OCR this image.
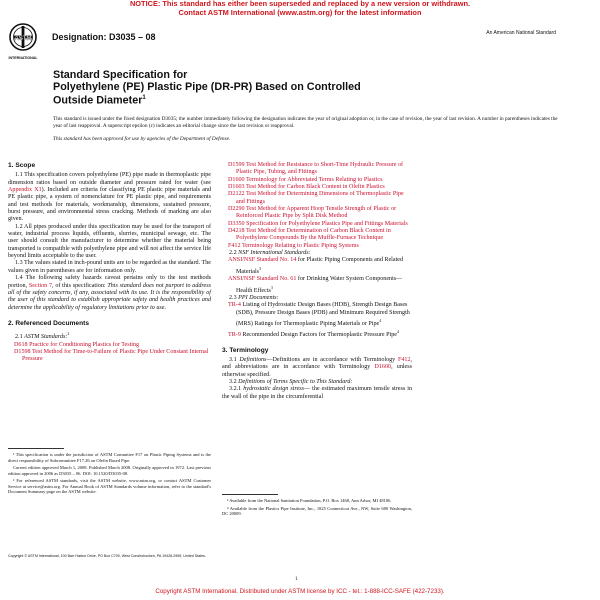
NOTICE: This standard has either been superseded and replaced by a new version or withdrawn.
Contact ASTM International (www.astm.org) for the latest information
ASTM
INTERNATIONAL
Designation: D3035 – 08	An American National Standard
Standard Specification for
Polyethylene (PE) Plastic Pipe (DR-PR) Based on Controlled
Outside Diameter$^1$

This standard is issued under the fixed designation D3035; the number immediately following the designation indicates the year of original adoption or, in the case of revision, the year of last revision. A number in parentheses indicates the year of last reapproval. A superscript epsilon (ε) indicates an editorial change since the last revision or reapproval.

This standard has been approved for use by agencies of the Department of Defense.

1. Scope

1.1 This specification covers polyethylene (PE) pipe made in thermoplastic pipe dimension ratios based on outside diameter and pressure rated for water (see Appendix X1). Included are criteria for classifying PE plastic pipe materials and PE plastic pipe, a system of nomenclature for PE plastic pipe, and requirements and test methods for materials, workmanship, dimensions, sustained pressure, burst pressure, and environmental stress cracking. Methods of marking are also given.

1.2 All pipes produced under this specification may be used for the transport of water, industrial process liquids, effluents, slurries, municipal sewage, etc. The user should consult the manufacturer to determine whether the material being transported is compatible with polyethylene pipe and will not affect the service life beyond limits acceptable to the user.

1.3 The values stated in inch-pound units are to be regarded as the standard. The values given in parentheses are for information only.

1.4 The following safety hazards caveat pertains only to the test methods portion, Section 7, of this specification: This standard does not purport to address all of the safety concerns, if any, associated with its use. It is the responsibility of the user of this standard to establish appropriate safety and health practices and determine the applicability of regulatory limitations prior to use.

2. Referenced Documents

2.1 ASTM Standards:$^2$

D618 Practice for Conditioning Plastics for Testing

D1598 Test Method for Time-to-Failure of Plastic Pipe Under Constant Internal Pressure

¹ This specification is under the jurisdiction of ASTM Committee F17 on Plastic Piping Systems and is the direct responsibility of Subcommittee F17.26 on Olefin Based Pipe.

Current edition approved March 1, 2008. Published March 2008. Originally approved in 1972. Last previous edition approved in 2006 as D3035 – 06. DOI: 10.1520/D3035-08.

² For referenced ASTM standards, visit the ASTM website, www.astm.org, or contact ASTM Customer Service at service@astm.org. For Annual Book of ASTM Standards volume information, refer to the standard's Document Summary page on the ASTM website.

D1599 Test Method for Resistance to Short-Time Hydraulic Pressure of Plastic Pipe, Tubing, and Fittings

D1600 Terminology for Abbreviated Terms Relating to Plastics

D1603 Test Method for Carbon Black Content in Olefin Plastics

D2122 Test Method for Determining Dimensions of Thermoplastic Pipe and Fittings

D2290 Test Method for Apparent Hoop Tensile Strength of Plastic or Reinforced Plastic Pipe by Split Disk Method

D3350 Specification for Polyethylene Plastics Pipe and Fittings Materials

D4218 Test Method for Determination of Carbon Black Content in Polyethylene Compounds By the Muffle-Furnace Technique

F412 Terminology Relating to Plastic Piping Systems

2.2 NSF International Standards:

ANSI/NSF Standard No. 14 for Plastic Piping Components and Related Materials$^3$

ANSI/NSF Standard No. 61 for Drinking Water System Components—Health Effects$^3$

2.3 PPI Documents:

TR-4 Listing of Hydrostatic Design Bases (HDB), Strength Design Bases (SDB), Pressure Design Bases (PDB) and Minimum Required Strength (MRS) Ratings for Thermoplastic Piping Materials or Pipe$^4$

TR-9 Recommended Design Factors for Thermoplastic Pressure Pipe$^4$

3. Terminology

3.1 Definitions—Definitions are in accordance with Terminology F412, and abbreviations are in accordance with Terminology D1600, unless otherwise specified.

3.2 Definitions of Terms Specific to This Standard:

3.2.1 hydrostatic design stress— the estimated maximum tensile stress in the wall of the pipe in the circumferential

³ Available from the National Sanitation Foundation, P.O. Box 1468, Ann Arbor, MI 48106.

⁴ Available from the Plastics Pipe Institute, Inc., 1825 Connecticut Ave., NW, Suite 680 Washington, DC 20009.

Copyright © ASTM International, 100 Barr Harbor Drive, PO Box C700, West Conshohocken, PA 19428-2959, United States.
1
Copyright ASTM International. Distributed under ASTM license by ICC - tel.: 1-888-ICC-SAFE (422-7233).
